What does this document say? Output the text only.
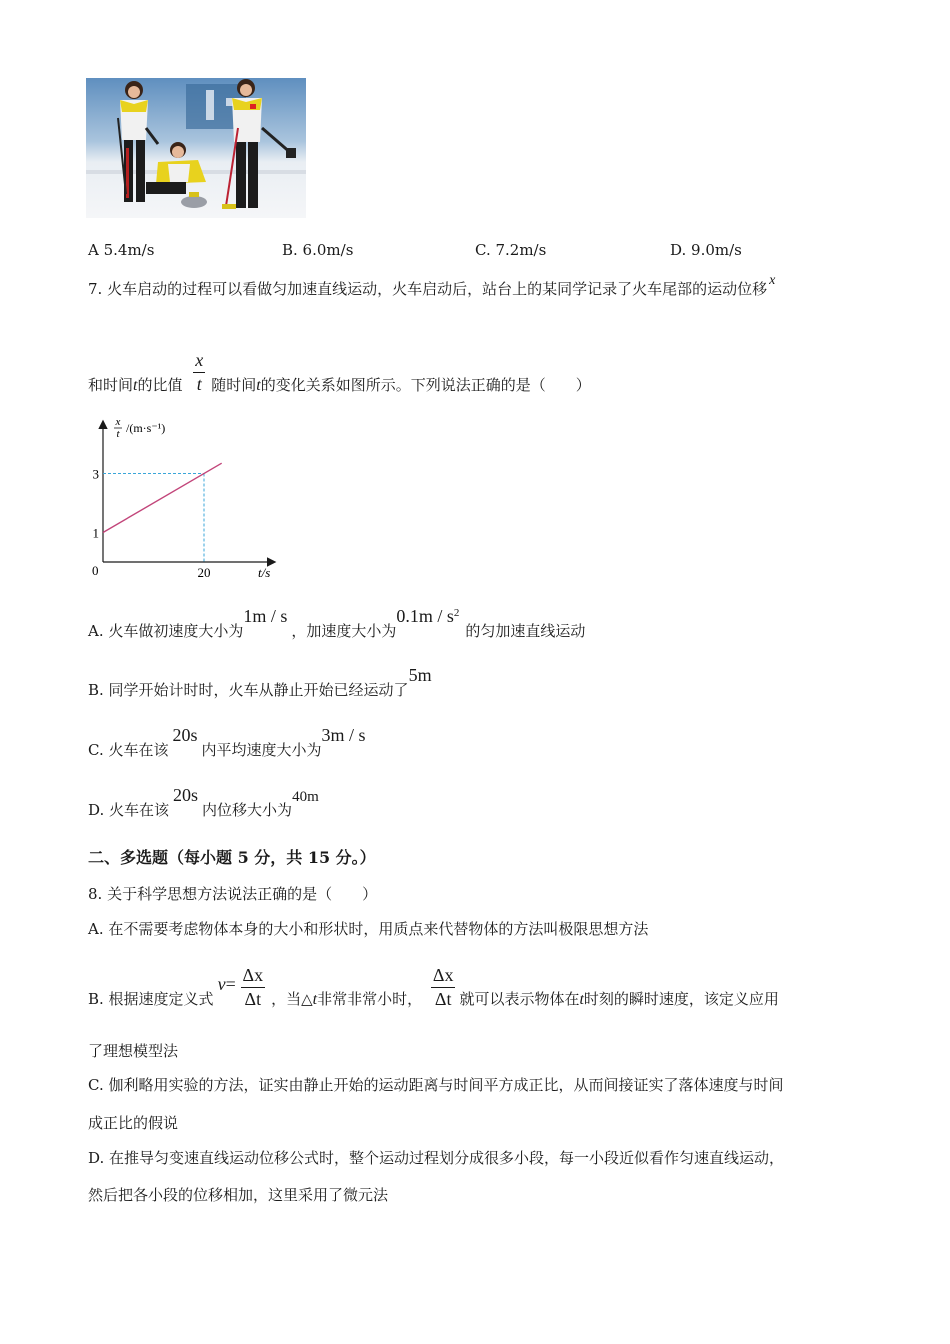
A 5.4m/s	B. 6.0m/s	C. 7.2m/s	D. 9.0m/s
7. 火车启动的过程可以看做匀加速直线运动，火车启动后，站台上的某同学记录了火车尾部的运动位移 $^x$
和时间t的比值 $\frac{x}{t}$ 随时间t的变化关系如图所示。下列说法正确的是（　　）
1
3
20
x
t /(m·s⁻¹)
0	t/s
A. 火车做初速度大小为1m / s，加速度大小为$0.1m / s^2$的匀加速直线运动
B. 同学开始计时时，火车从静止开始已经运动了5m
C. 火车在该20s内平均速度大小为3m / s
D. 火车在该20s内位移大小为40m
二、多选题（每小题 5 分，共 15 分。）
8. 关于科学思想方法说法正确的是（　　）
A. 在不需要考虑物体本身的大小和形状时，用质点来代替物体的方法叫极限思想方法
B. 根据速度定义式$v= \frac{\Delta x}{\Delta t}$ ，当△t非常非常小时， $\frac{\Delta x}{\Delta t}$ 就可以表示物体在t时刻的瞬时速度，该定义应用
了理想模型法
C. 伽利略用实验的方法，证实由静止开始的运动距离与时间平方成正比，从而间接证实了落体速度与时间
成正比的假说
D. 在推导匀变速直线运动位移公式时，整个运动过程划分成很多小段，每一小段近似看作匀速直线运动，
然后把各小段的位移相加，这里采用了微元法
